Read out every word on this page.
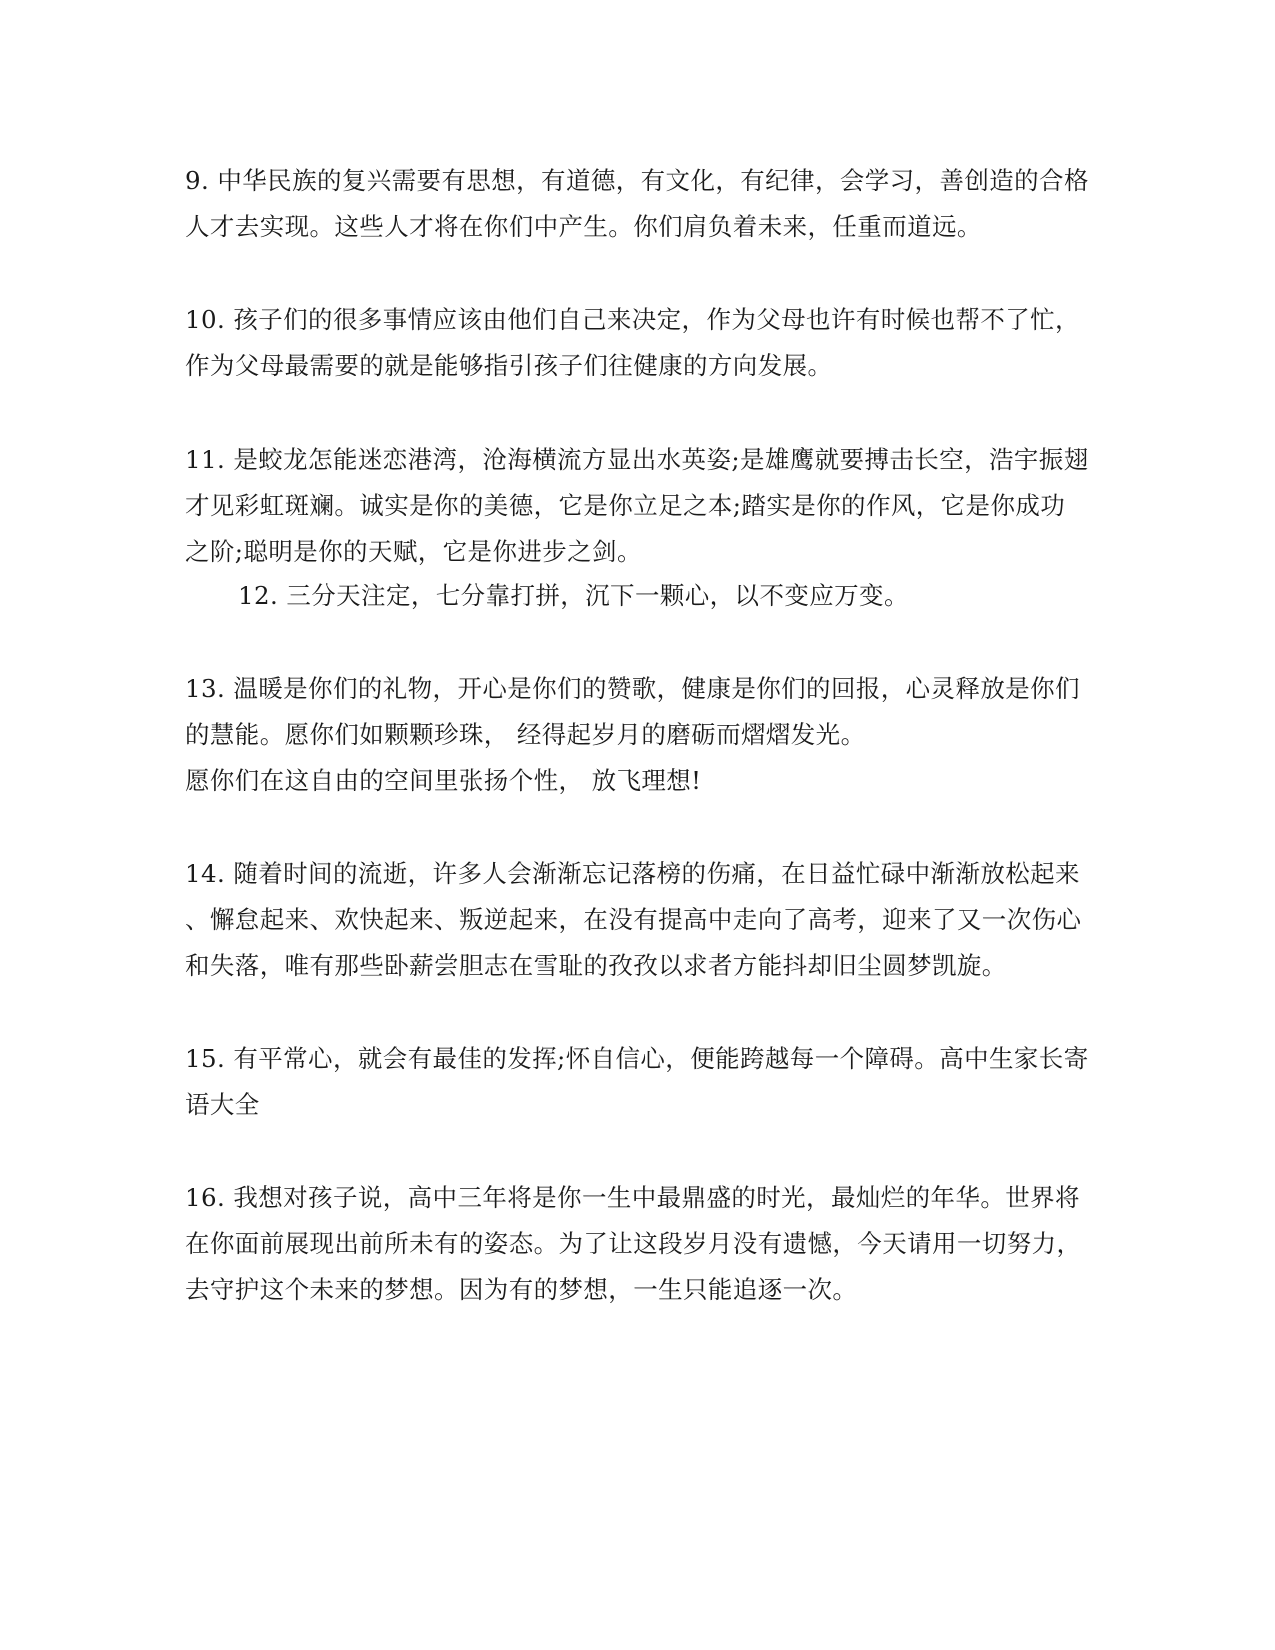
9. 中华民族的复兴需要有思想，有道德，有文化，有纪律，会学习，善创造的合格
人才去实现。这些人才将在你们中产生。你们肩负着未来，任重而道远。
10. 孩子们的很多事情应该由他们自己来决定，作为父母也许有时候也帮不了忙，
作为父母最需要的就是能够指引孩子们往健康的方向发展。
11. 是蛟龙怎能迷恋港湾，沧海横流方显出水英姿;是雄鹰就要搏击长空，浩宇振翅
才见彩虹斑斓。诚实是你的美德，它是你立足之本;踏实是你的作风，它是你成功
之阶;聪明是你的天赋，它是你进步之剑。
12. 三分天注定，七分靠打拼，沉下一颗心，以不变应万变。
13. 温暖是你们的礼物，开心是你们的赞歌，健康是你们的回报，心灵释放是你们
的慧能。愿你们如颗颗珍珠， 经得起岁月的磨砺而熠熠发光。
愿你们在这自由的空间里张扬个性， 放飞理想!
14. 随着时间的流逝，许多人会渐渐忘记落榜的伤痛，在日益忙碌中渐渐放松起来
、懈怠起来、欢快起来、叛逆起来，在没有提高中走向了高考，迎来了又一次伤心
和失落，唯有那些卧薪尝胆志在雪耻的孜孜以求者方能抖却旧尘圆梦凯旋。
15. 有平常心，就会有最佳的发挥;怀自信心，便能跨越每一个障碍。高中生家长寄
语大全
16. 我想对孩子说，高中三年将是你一生中最鼎盛的时光，最灿烂的年华。世界将
在你面前展现出前所未有的姿态。为了让这段岁月没有遗憾，今天请用一切努力，
去守护这个未来的梦想。因为有的梦想，一生只能追逐一次。
